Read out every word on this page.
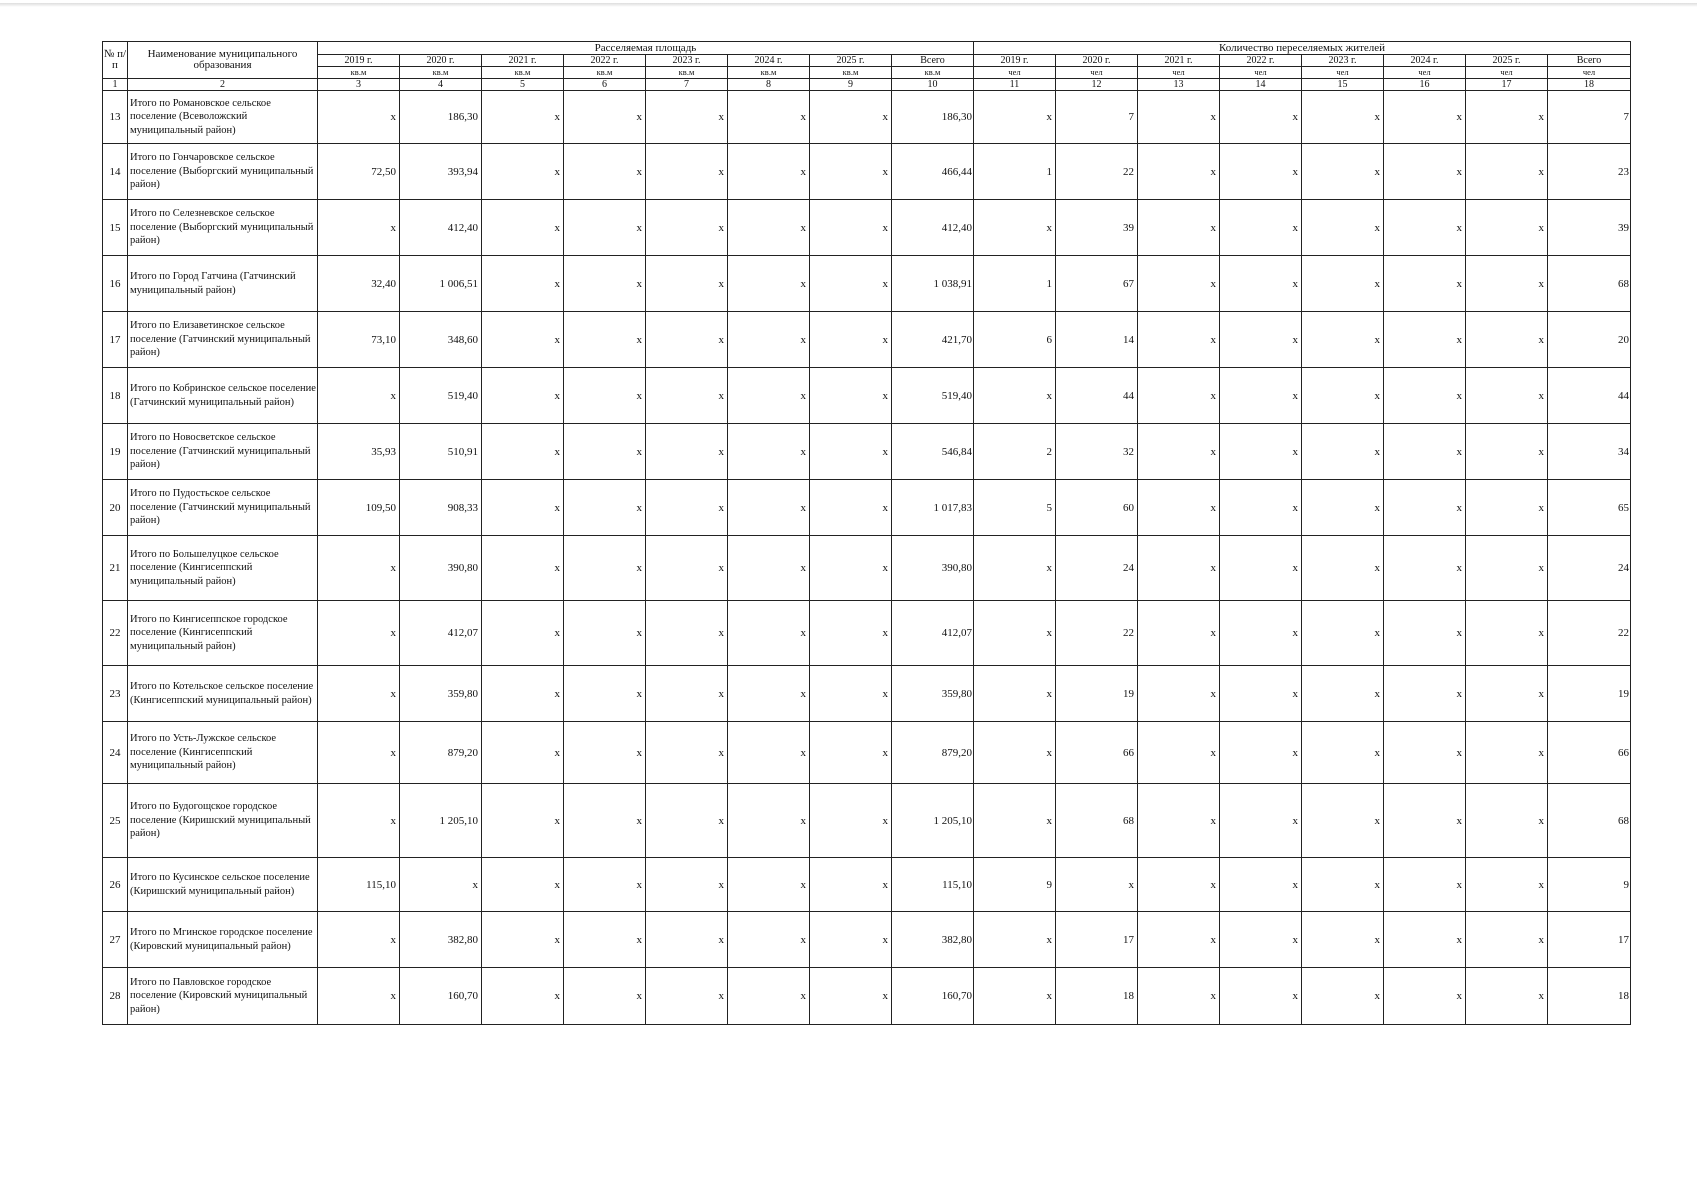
№ п/п	Наименование муниципального образования	Расселяемая площадь								Количество переселяемых жителей							
		2019 г.	2020 г.	2021 г.	2022 г.	2023 г.	2024 г.	2025 г.	Всего	2019 г.	2020 г.	2021 г.	2022 г.	2023 г.	2024 г.	2025 г.	Всего
		кв.м	кв.м	кв.м	кв.м	кв.м	кв.м	кв.м	кв.м	чел	чел	чел	чел	чел	чел	чел	чел
1	2	3	4	5	6	7	8	9	10	11	12	13	14	15	16	17	18
13	Итого по Романовское сельское поселение (Всеволожский муниципальный район)	x	186,30	x	x	x	x	x	186,30	x	7	x	x	x	x	x	7
14	Итого по Гончаровское сельское поселение (Выборгский муниципальный район)	72,50	393,94	x	x	x	x	x	466,44	1	22	x	x	x	x	x	23
15	Итого по Селезневское сельское поселение (Выборгский муниципальный район)	x	412,40	x	x	x	x	x	412,40	x	39	x	x	x	x	x	39
16	Итого по Город Гатчина (Гатчинский муниципальный район)	32,40	1 006,51	x	x	x	x	x	1 038,91	1	67	x	x	x	x	x	68
17	Итого по Елизаветинское сельское поселение (Гатчинский муниципальный район)	73,10	348,60	x	x	x	x	x	421,70	6	14	x	x	x	x	x	20
18	Итого по Кобринское сельское поселение (Гатчинский муниципальный район)	x	519,40	x	x	x	x	x	519,40	x	44	x	x	x	x	x	44
19	Итого по Новосветское сельское поселение (Гатчинский муниципальный район)	35,93	510,91	x	x	x	x	x	546,84	2	32	x	x	x	x	x	34
20	Итого по Пудостьское сельское поселение (Гатчинский муниципальный район)	109,50	908,33	x	x	x	x	x	1 017,83	5	60	x	x	x	x	x	65
21	Итого по Большелуцкое сельское поселение (Кингисеппский муниципальный район)	x	390,80	x	x	x	x	x	390,80	x	24	x	x	x	x	x	24
22	Итого по Кингисеппское городское поселение (Кингисеппский муниципальный район)	x	412,07	x	x	x	x	x	412,07	x	22	x	x	x	x	x	22
23	Итого по Котельское сельское поселение (Кингисеппский муниципальный район)	x	359,80	x	x	x	x	x	359,80	x	19	x	x	x	x	x	19
24	Итого по Усть-Лужское сельское поселение (Кингисеппский муниципальный район)	x	879,20	x	x	x	x	x	879,20	x	66	x	x	x	x	x	66
25	Итого по Будогощское городское поселение (Киришский муниципальный район)	x	1 205,10	x	x	x	x	x	1 205,10	x	68	x	x	x	x	x	68
26	Итого по Кусинское сельское поселение (Киришский муниципальный район)	115,10	x	x	x	x	x	x	115,10	9	x	x	x	x	x	x	9
27	Итого по Мгинское городское поселение (Кировский муниципальный район)	x	382,80	x	x	x	x	x	382,80	x	17	x	x	x	x	x	17
28	Итого по Павловское городское поселение (Кировский муниципальный район)	x	160,70	x	x	x	x	x	160,70	x	18	x	x	x	x	x	18
